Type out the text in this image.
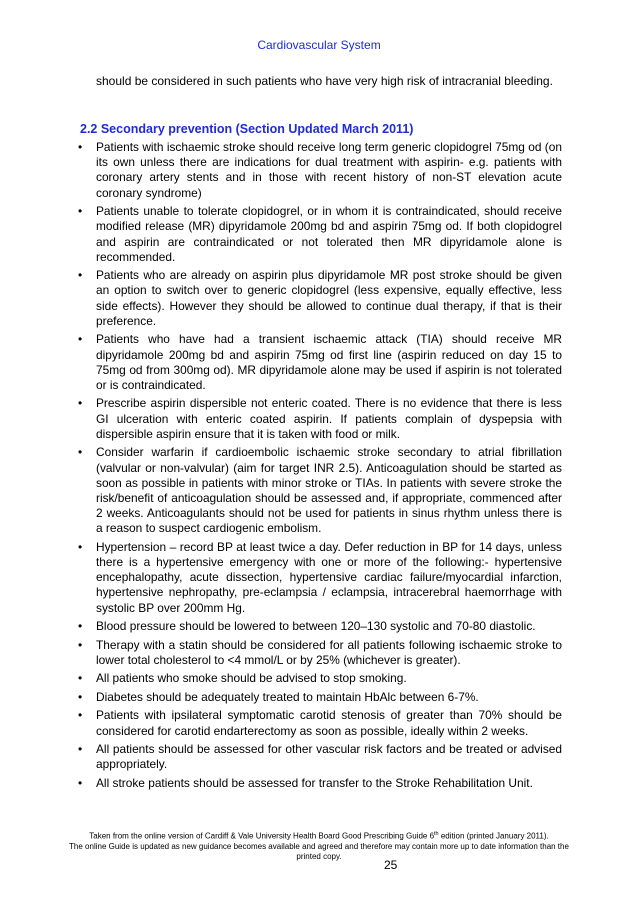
Cardiovascular System
should be considered in such patients who have very high risk of intracranial bleeding.
2.2 Secondary prevention (Section Updated March 2011)
• Patients with ischaemic stroke should receive long term generic clopidogrel 75mg od (on its own unless there are indications for dual treatment with aspirin- e.g. patients with coronary artery stents and in those with recent history of non-ST elevation acute coronary syndrome)
• Patients unable to tolerate clopidogrel, or in whom it is contraindicated, should receive modified release (MR) dipyridamole 200mg bd and aspirin 75mg od. If both clopidogrel and aspirin are contraindicated or not tolerated then MR dipyridamole alone is recommended.
• Patients who are already on aspirin plus dipyridamole MR post stroke should be given an option to switch over to generic clopidogrel (less expensive, equally effective, less side effects). However they should be allowed to continue dual therapy, if that is their preference.
• Patients who have had a transient ischaemic attack (TIA) should receive MR dipyridamole 200mg bd and aspirin 75mg od first line (aspirin reduced on day 15 to 75mg od from 300mg od). MR dipyridamole alone may be used if aspirin is not tolerated or is contraindicated.
• Prescribe aspirin dispersible not enteric coated. There is no evidence that there is less GI ulceration with enteric coated aspirin. If patients complain of dyspepsia with dispersible aspirin ensure that it is taken with food or milk.
• Consider warfarin if cardioembolic ischaemic stroke secondary to atrial fibrillation (valvular or non-valvular) (aim for target INR 2.5). Anticoagulation should be started as soon as possible in patients with minor stroke or TIAs. In patients with severe stroke the risk/benefit of anticoagulation should be assessed and, if appropriate, commenced after 2 weeks. Anticoagulants should not be used for patients in sinus rhythm unless there is a reason to suspect cardiogenic embolism.
• Hypertension – record BP at least twice a day. Defer reduction in BP for 14 days, unless there is a hypertensive emergency with one or more of the following:- hypertensive encephalopathy, acute dissection, hypertensive cardiac failure/myocardial infarction, hypertensive nephropathy, pre-eclampsia / eclampsia, intracerebral haemorrhage with systolic BP over 200mm Hg.
• Blood pressure should be lowered to between 120–130 systolic and 70-80 diastolic.
• Therapy with a statin should be considered for all patients following ischaemic stroke to lower total cholesterol to <4 mmol/L or by 25% (whichever is greater).
• All patients who smoke should be advised to stop smoking.
• Diabetes should be adequately treated to maintain HbAlc between 6-7%.
• Patients with ipsilateral symptomatic carotid stenosis of greater than 70% should be considered for carotid endarterectomy as soon as possible, ideally within 2 weeks.
• All patients should be assessed for other vascular risk factors and be treated or advised appropriately.
• All stroke patients should be assessed for transfer to the Stroke Rehabilitation Unit.
Taken from the online version of Cardiff & Vale University Health Board Good Prescribing Guide 6th edition (printed January 2011).
The online Guide is updated as new guidance becomes available and agreed and therefore may contain more up to date information than the printed copy.
25
